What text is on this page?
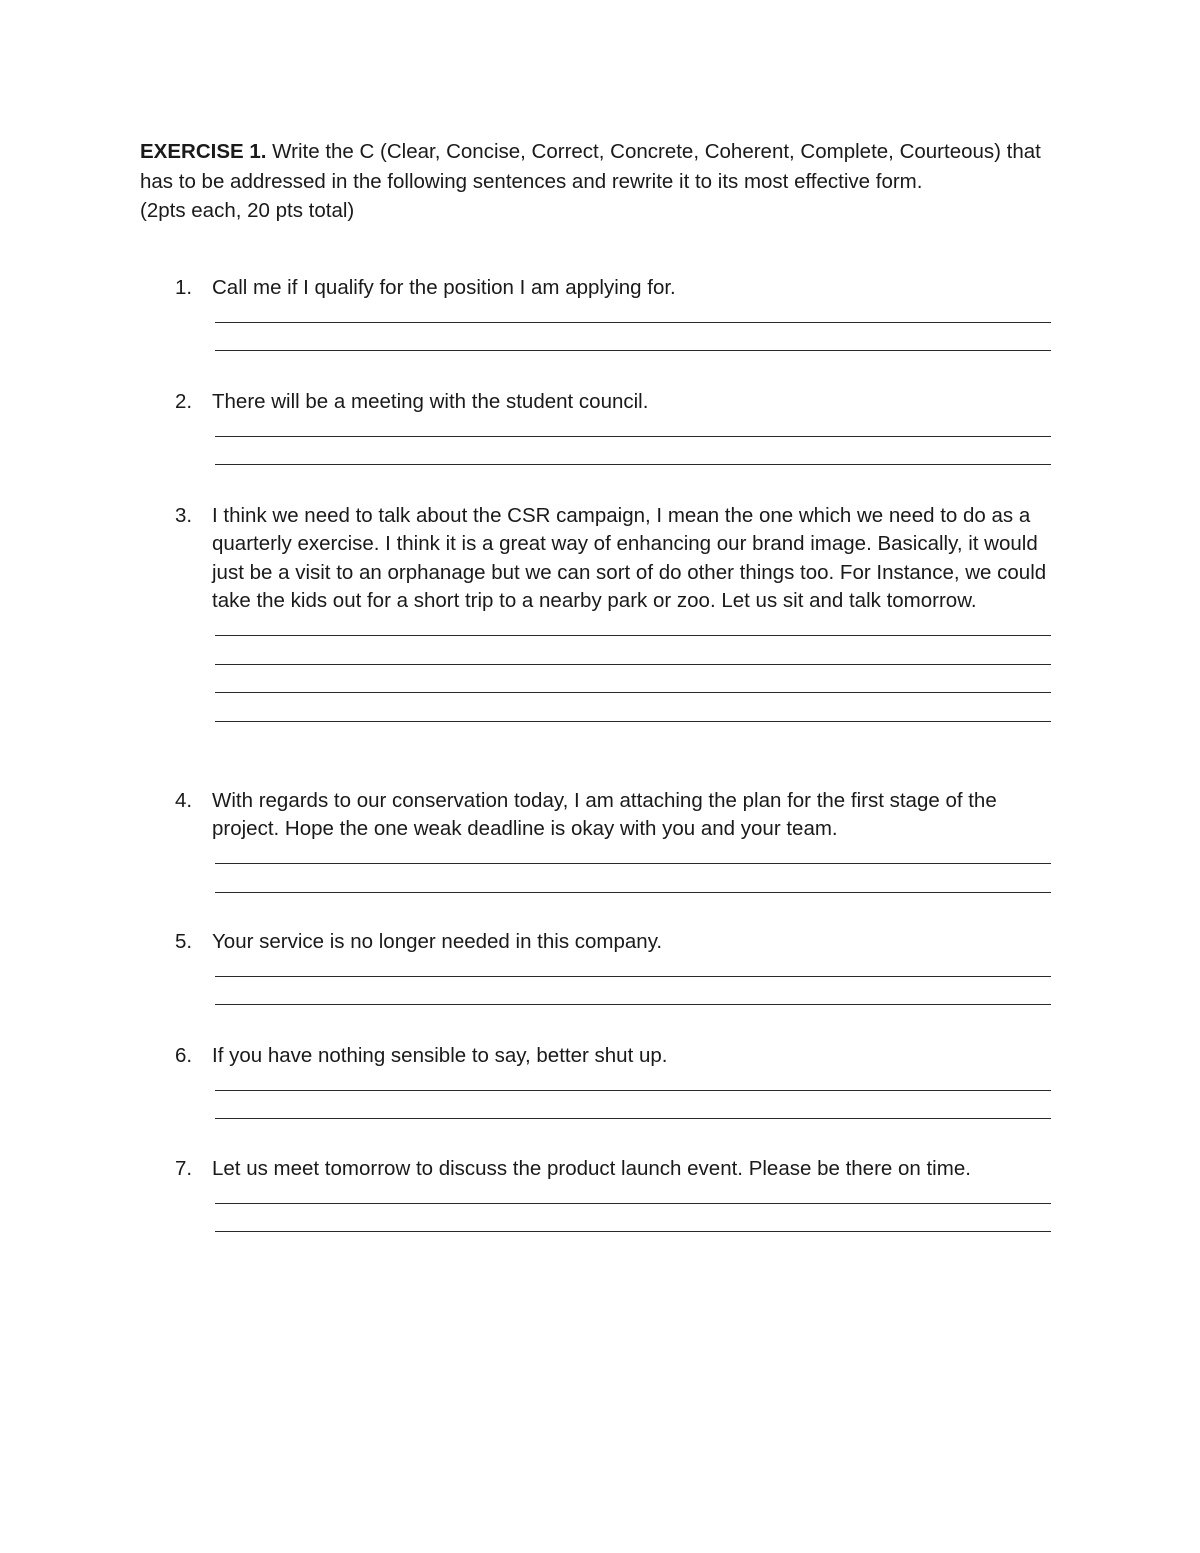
EXERCISE 1. Write the C (Clear, Concise, Correct, Concrete, Coherent, Complete, Courteous) that has to be addressed in the following sentences and rewrite it to its most effective form.
(2pts each, 20 pts total)

1. Call me if I qualify for the position I am applying for.
2. There will be a meeting with the student council.
3. I think we need to talk about the CSR campaign, I mean the one which we need to do as a quarterly exercise. I think it is a great way of enhancing our brand image. Basically, it would just be a visit to an orphanage but we can sort of do other things too. For Instance, we could take the kids out for a short trip to a nearby park or zoo. Let us sit and talk tomorrow.
4. With regards to our conservation today, I am attaching the plan for the first stage of the project. Hope the one weak deadline is okay with you and your team.
5. Your service is no longer needed in this company.
6. If you have nothing sensible to say, better shut up.
7. Let us meet tomorrow to discuss the product launch event. Please be there on time.
